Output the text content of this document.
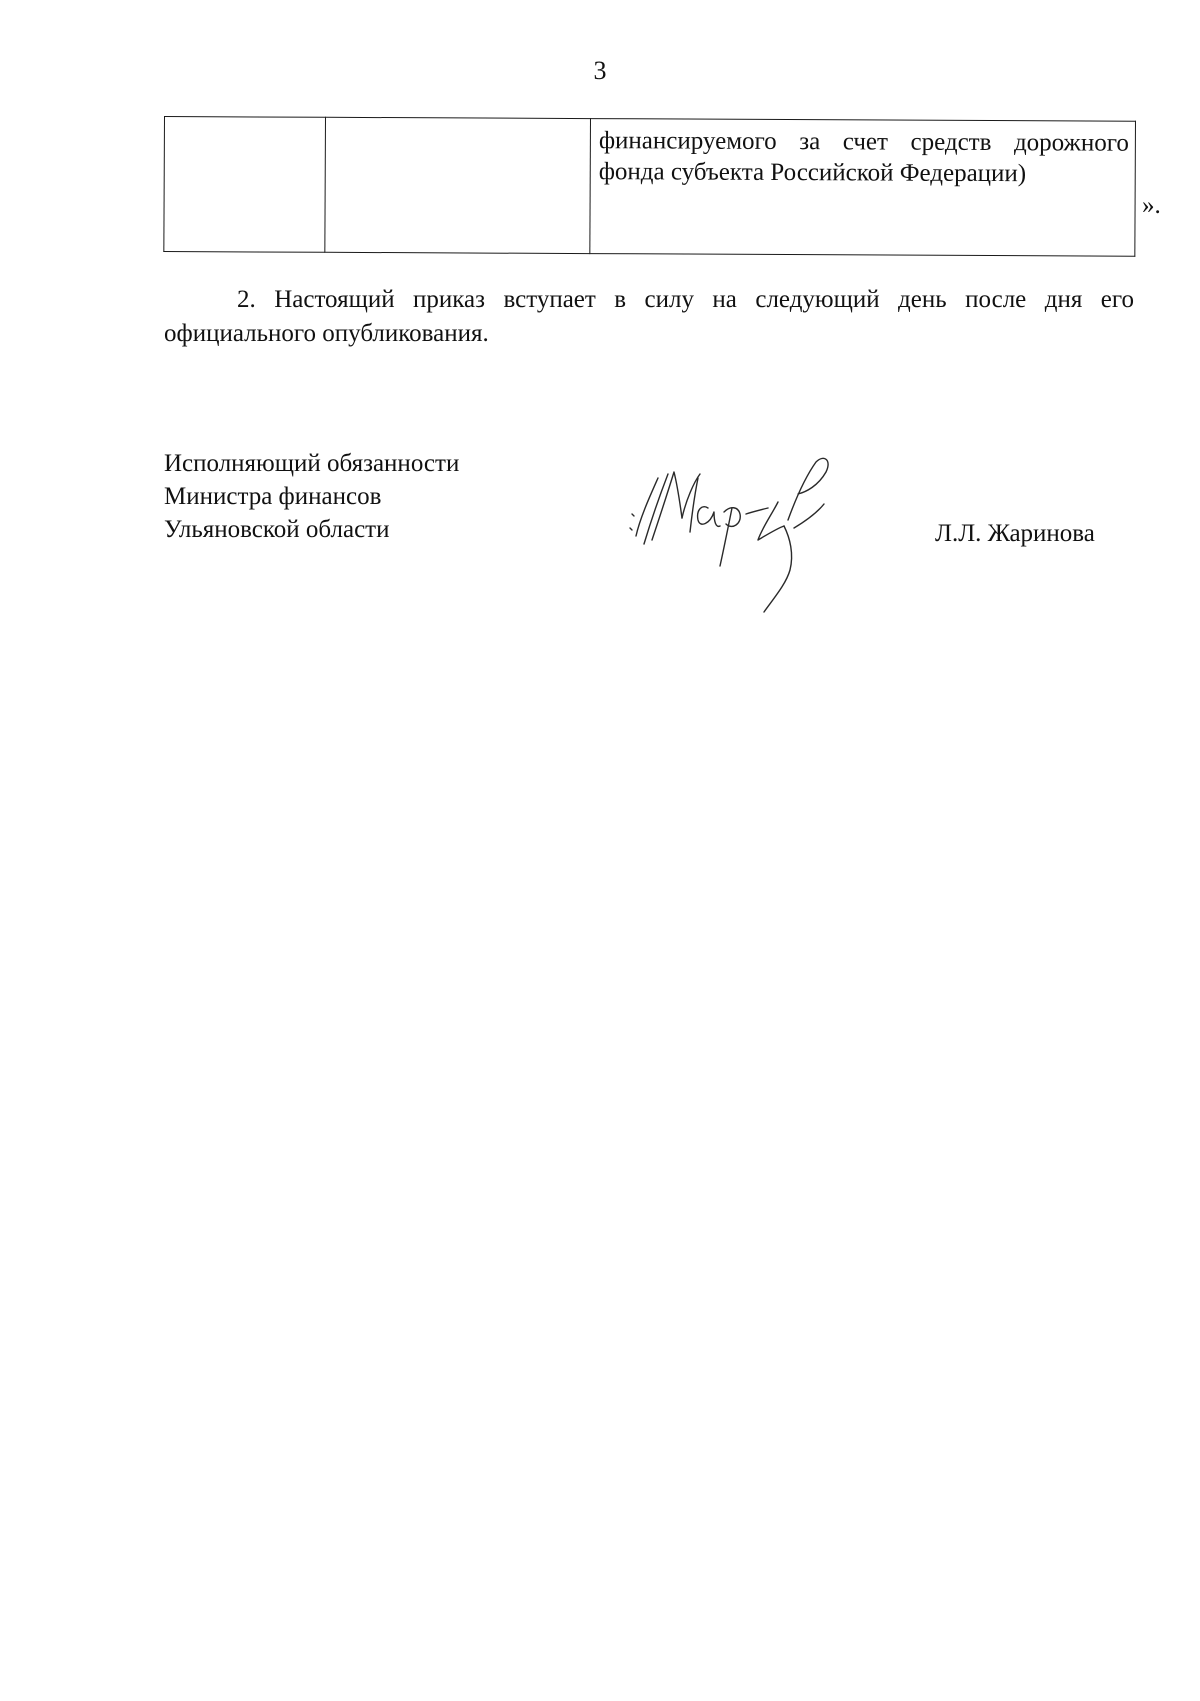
3
		финансируемого за счет средств дорожного фонда субъекта Российской Федерации)
».

2. Настоящий приказ вступает в силу на следующий день после дня его официального опубликования.

Исполняющий обязанности
Министра финансов
Ульяновской области	Л.Л. Жаринова
